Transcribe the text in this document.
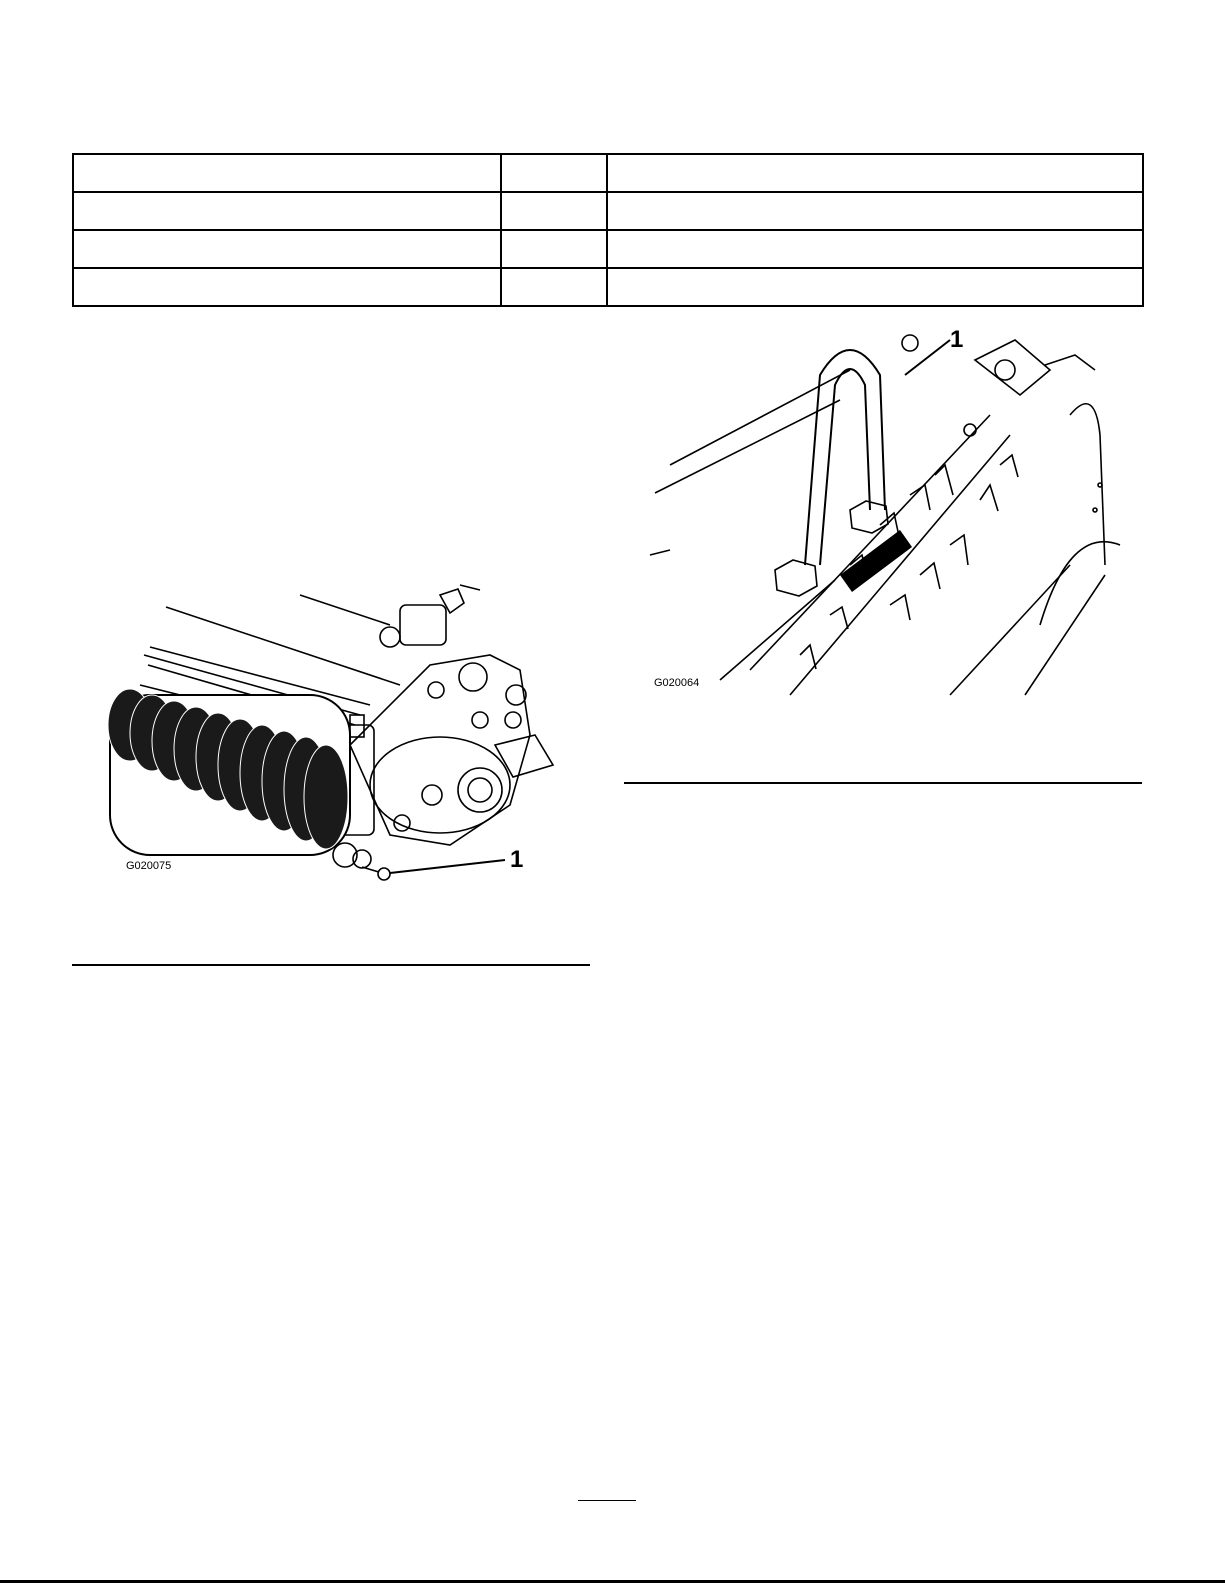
1
G020075
1
G020064
